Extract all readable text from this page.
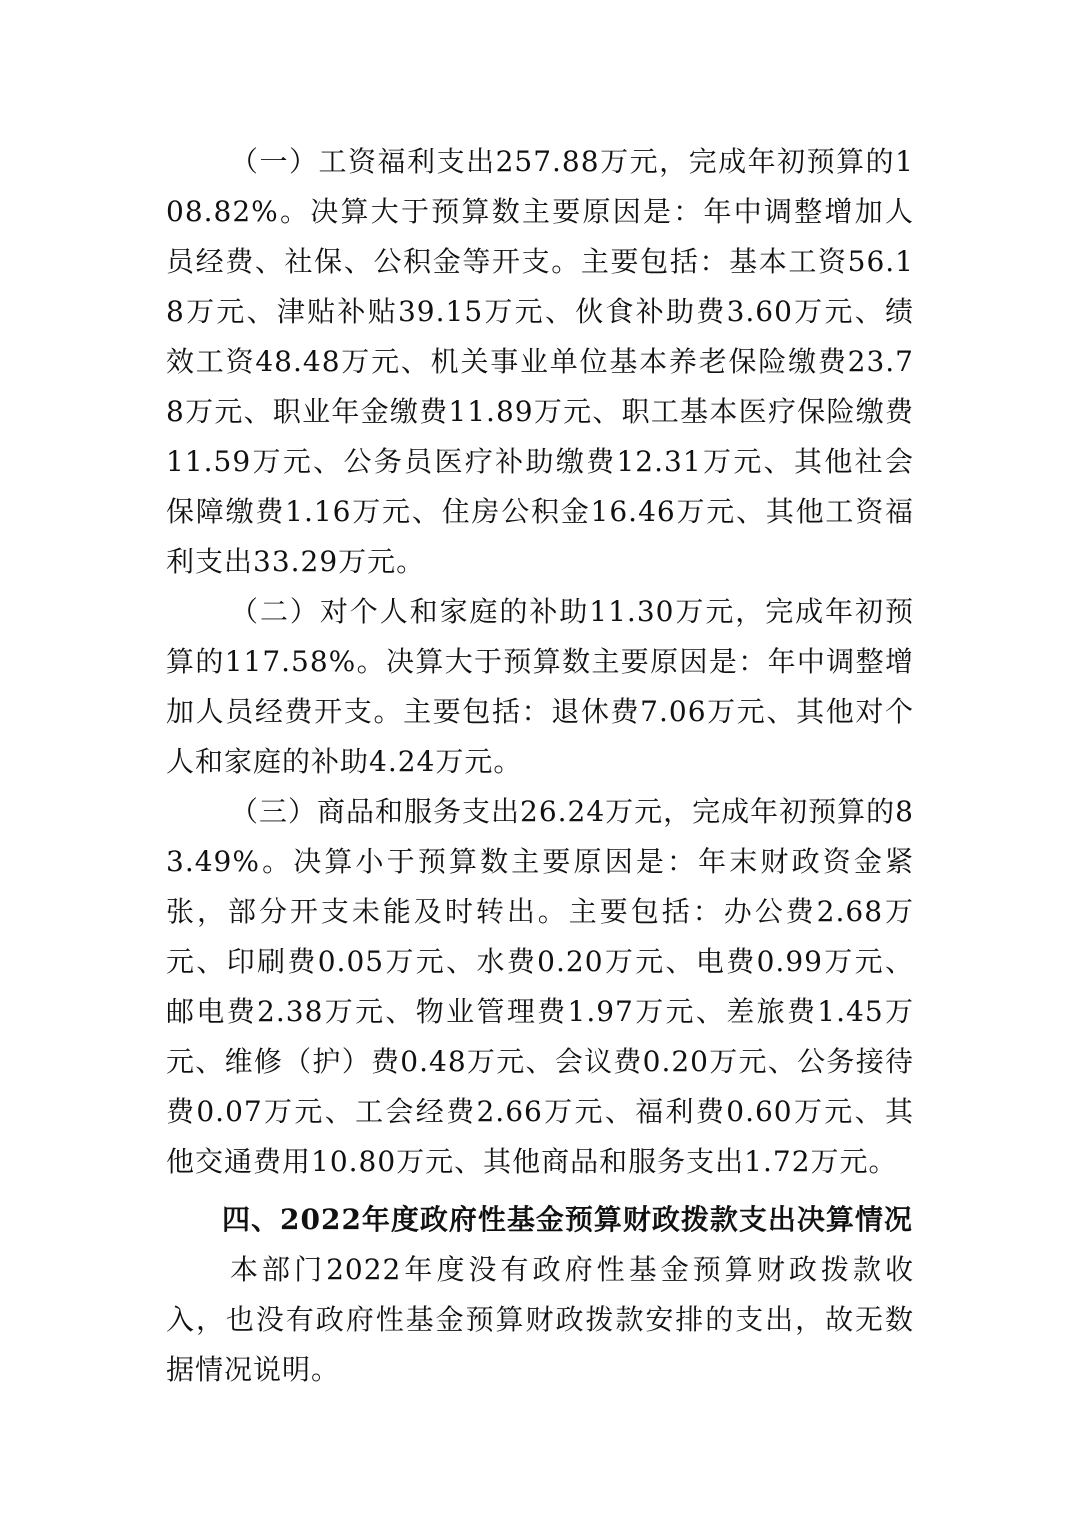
（一）工资福利支出257.88万元，完成年初预算的108.82%。决算大于预算数主要原因是：年中调整增加人员经费、社保、公积金等开支。主要包括：基本工资56.18万元、津贴补贴39.15万元、伙食补助费3.60万元、绩效工资48.48万元、机关事业单位基本养老保险缴费23.78万元、职业年金缴费11.89万元、职工基本医疗保险缴费11.59万元、公务员医疗补助缴费12.31万元、其他社会保障缴费1.16万元、住房公积金16.46万元、其他工资福利支出33.29万元。

（二）对个人和家庭的补助11.30万元，完成年初预算的117.58%。决算大于预算数主要原因是：年中调整增加人员经费开支。主要包括：退休费7.06万元、其他对个人和家庭的补助4.24万元。

（三）商品和服务支出26.24万元，完成年初预算的83.49%。决算小于预算数主要原因是：年末财政资金紧张，部分开支未能及时转出。主要包括：办公费2.68万元、印刷费0.05万元、水费0.20万元、电费0.99万元、邮电费2.38万元、物业管理费1.97万元、差旅费1.45万元、维修（护）费0.48万元、会议费0.20万元、公务接待费0.07万元、工会经费2.66万元、福利费0.60万元、其他交通费用10.80万元、其他商品和服务支出1.72万元。

四、2022年度政府性基金预算财政拨款支出决算情况

本部门2022年度没有政府性基金预算财政拨款收入，也没有政府性基金预算财政拨款安排的支出，故无数据情况说明。
